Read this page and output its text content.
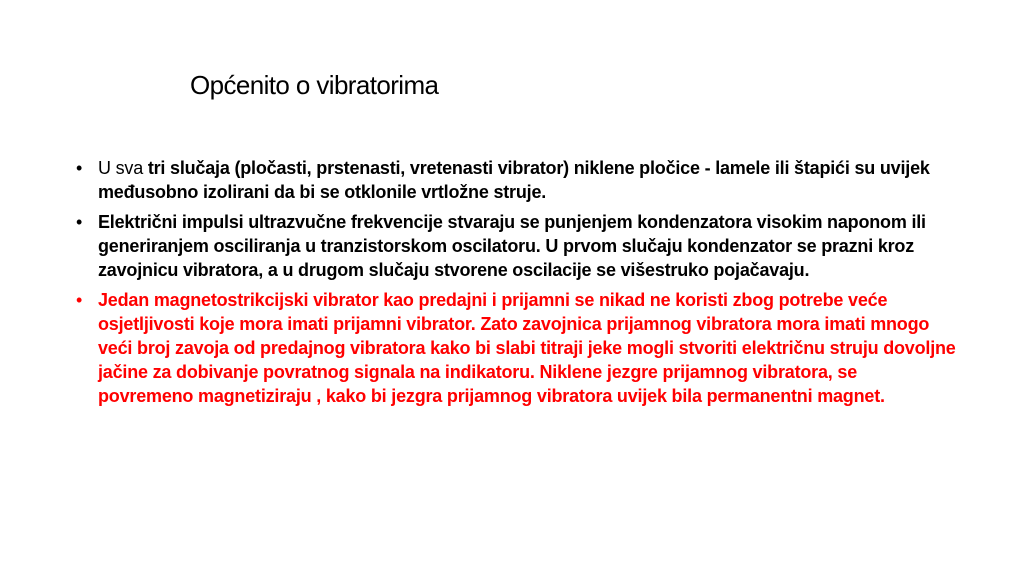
Općenito o vibratorima
• U sva tri slučaja (pločasti, prstenasti, vretenasti vibrator) niklene pločice - lamele ili štapići su uvijek međusobno izolirani da bi se otklonile vrtložne struje.
• Električni impulsi ultrazvučne frekvencije stvaraju se punjenjem kondenzatora visokim naponom ili generiranjem osciliranja u tranzistorskom oscilatoru. U prvom slučaju kondenzator se prazni kroz zavojnicu vibratora, a u drugom slučaju stvorene oscilacije se višestruko pojačavaju.
• Jedan magnetostrikcijski vibrator kao predajni i prijamni se nikad ne koristi zbog potrebe veće osjetljivosti koje mora imati prijamni vibrator. Zato zavojnica prijamnog vibratora mora imati mnogo veći broj zavoja od predajnog vibratora kako bi slabi titraji jeke mogli stvoriti električnu struju dovoljne jačine za dobivanje povratnog signala na indikatoru. Niklene jezgre prijamnog vibratora, se povremeno magnetiziraju , kako bi jezgra prijamnog vibratora uvijek bila permanentni magnet.
